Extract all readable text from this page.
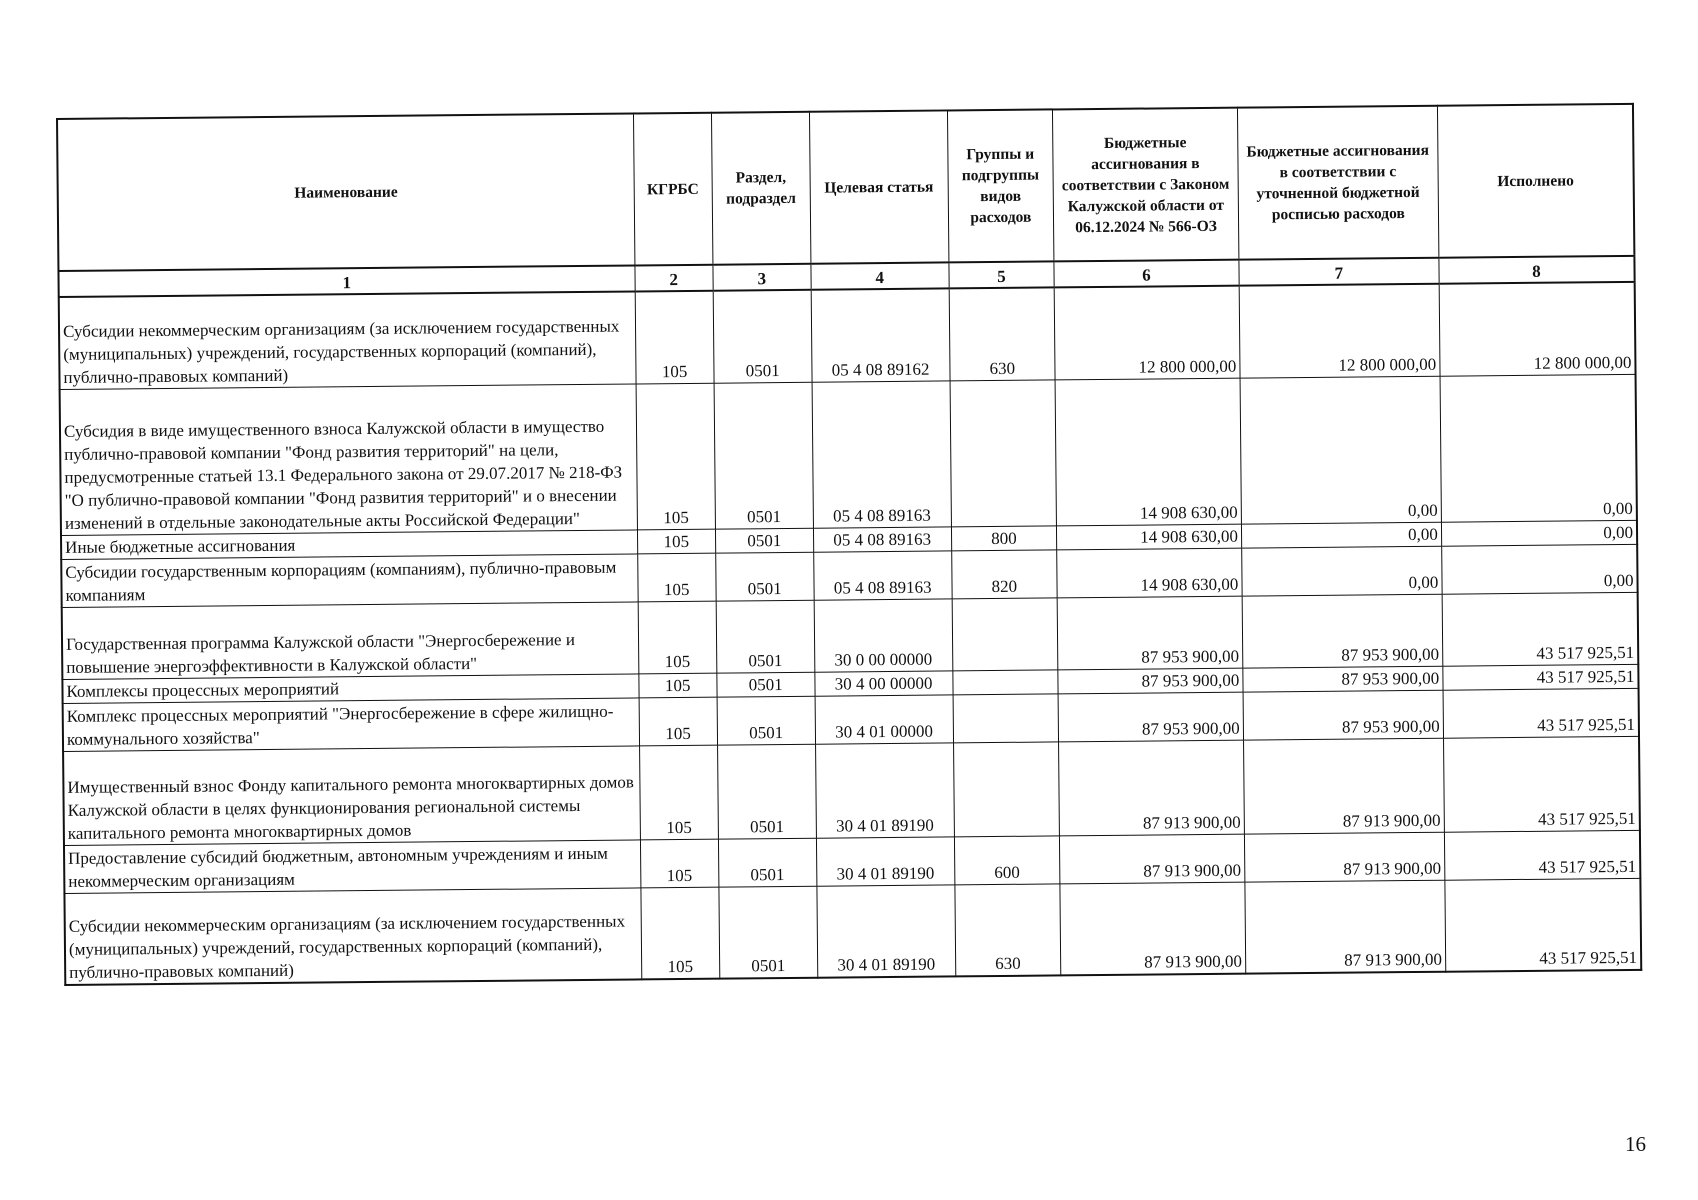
Наименование	КГРБС	Раздел, подраздел	Целевая статья	Группы и подгруппы видов расходов	Бюджетные ассигнования в соответствии с Законом Калужской области от 06.12.2024 № 566-ОЗ	Бюджетные ассигнования в соответствии с уточненной бюджетной росписью расходов	Исполнено
1	2	3	4	5	6	7	8
Субсидии некоммерческим организациям (за исключением государственных (муниципальных) учреждений, государственных корпораций (компаний), публично-правовых компаний)	105	0501	05 4 08 89162	630	12 800 000,00	12 800 000,00	12 800 000,00
Субсидия в виде имущественного взноса Калужской области в имущество публично-правовой компании "Фонд развития территорий" на цели, предусмотренные статьей 13.1 Федерального закона от 29.07.2017 № 218-ФЗ "О публично-правовой компании "Фонд развития территорий" и о внесении изменений в отдельные законодательные акты Российской Федерации"	105	0501	05 4 08 89163		14 908 630,00	0,00	0,00
Иные бюджетные ассигнования	105	0501	05 4 08 89163	800	14 908 630,00	0,00	0,00
Субсидии государственным корпорациям (компаниям), публично-правовым компаниям	105	0501	05 4 08 89163	820	14 908 630,00	0,00	0,00
Государственная программа Калужской области "Энергосбережение и повышение энергоэффективности в Калужской области"	105	0501	30 0 00 00000		87 953 900,00	87 953 900,00	43 517 925,51
Комплексы процессных мероприятий	105	0501	30 4 00 00000		87 953 900,00	87 953 900,00	43 517 925,51
Комплекс процессных мероприятий "Энергосбережение в сфере жилищно-коммунального хозяйства"	105	0501	30 4 01 00000		87 953 900,00	87 953 900,00	43 517 925,51
Имущественный взнос Фонду капитального ремонта многоквартирных домов Калужской области в целях функционирования региональной системы капитального ремонта многоквартирных домов	105	0501	30 4 01 89190		87 913 900,00	87 913 900,00	43 517 925,51
Предоставление субсидий бюджетным, автономным учреждениям и иным некоммерческим организациям	105	0501	30 4 01 89190	600	87 913 900,00	87 913 900,00	43 517 925,51
Субсидии некоммерческим организациям (за исключением государственных (муниципальных) учреждений, государственных корпораций (компаний), публично-правовых компаний)	105	0501	30 4 01 89190	630	87 913 900,00	87 913 900,00	43 517 925,51
16
